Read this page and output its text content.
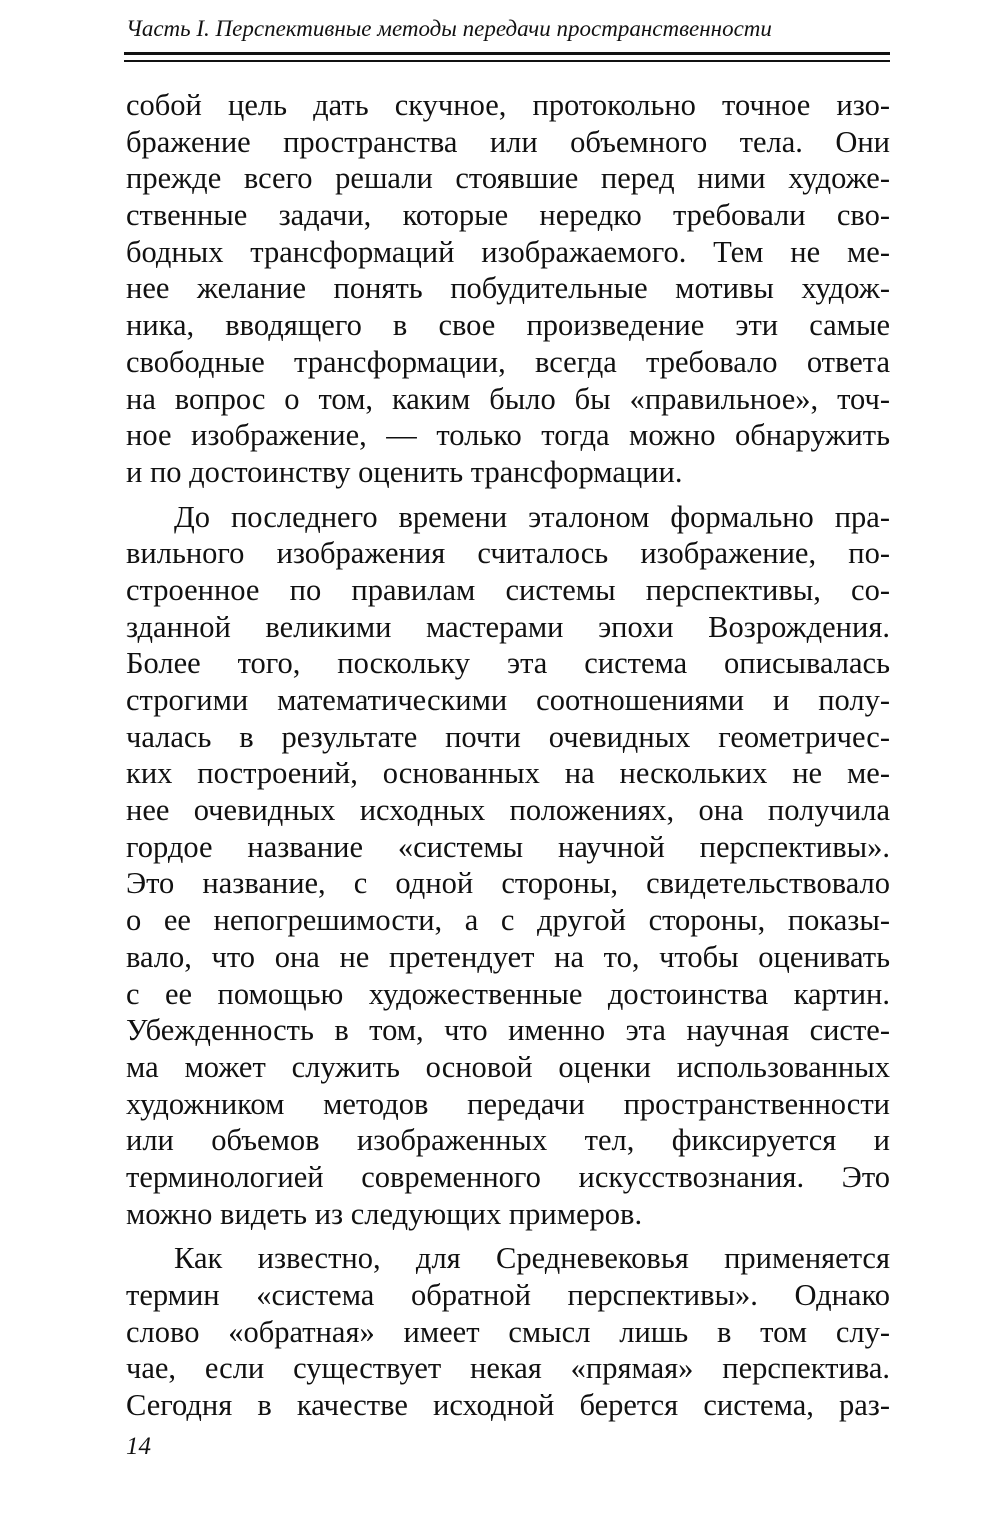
Часть I. Перспективные методы передачи пространственности
собой цель дать скучное, протокольно точное изо-
бражение пространства или объемного тела. Они
прежде всего решали стоявшие перед ними художе-
ственные задачи, которые нередко требовали сво-
бодных трансформаций изображаемого. Тем не ме-
нее желание понять побудительные мотивы худож-
ника, вводящего в свое произведение эти самые
свободные трансформации, всегда требовало ответа
на вопрос о том, каким было бы «правильное», точ-
ное изображение, — только тогда можно обнаружить
и по достоинству оценить трансформации.
До последнего времени эталоном формально пра-
вильного изображения считалось изображение, по-
строенное по правилам системы перспективы, со-
зданной великими мастерами эпохи Возрождения.
Более того, поскольку эта система описывалась
строгими математическими соотношениями и полу-
чалась в результате почти очевидных геометричес-
ких построений, основанных на нескольких не ме-
нее очевидных исходных положениях, она получила
гордое название «системы научной перспективы».
Это название, с одной стороны, свидетельствовало
о ее непогрешимости, а с другой стороны, показы-
вало, что она не претендует на то, чтобы оценивать
с ее помощью художественные достоинства картин.
Убежденность в том, что именно эта научная систе-
ма может служить основой оценки использованных
художником методов передачи пространственности
или объемов изображенных тел, фиксируется и
терминологией современного искусствознания. Это
можно видеть из следующих примеров.
Как известно, для Средневековья применяется
термин «система обратной перспективы». Однако
слово «обратная» имеет смысл лишь в том слу-
чае, если существует некая «прямая» перспектива.
Сегодня в качестве исходной берется система, раз-
14
